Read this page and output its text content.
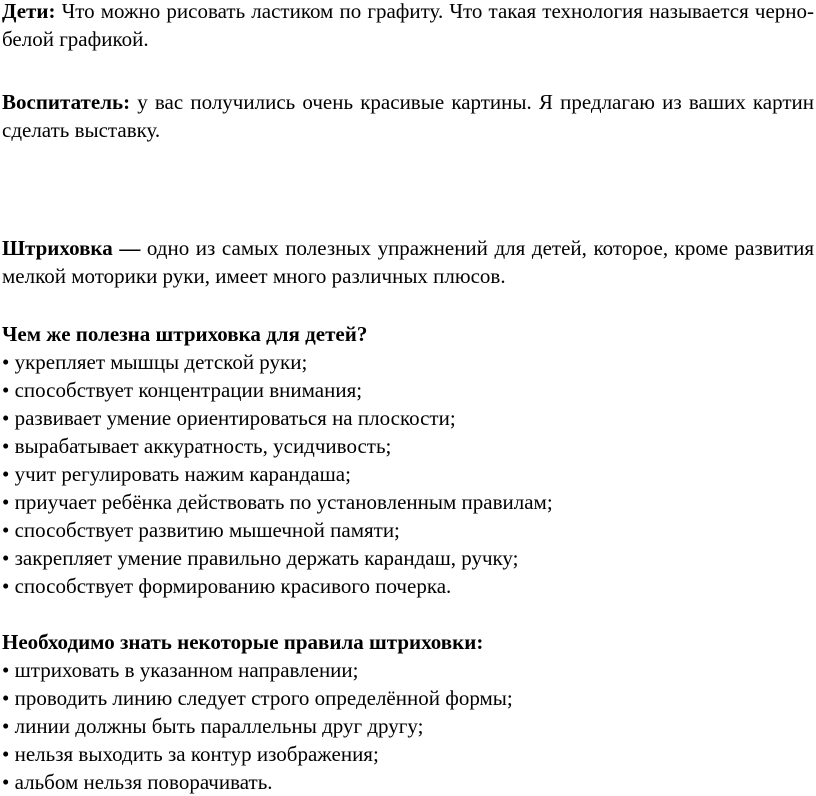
Дети: Что можно рисовать ластиком по графиту. Что такая технология называется черно-белой графикой.

Воспитатель: у вас получились очень красивые картины. Я предлагаю из ваших картин сделать выставку.

Штриховка — одно из самых полезных упражнений для детей, которое, кроме развития мелкой моторики руки, имеет много различных плюсов.

Чем же полезна штриховка для детей?

• укрепляет мышцы детской руки;
• способствует концентрации внимания;
• развивает умение ориентироваться на плоскости;
• вырабатывает аккуратность, усидчивость;
• учит регулировать нажим карандаша;
• приучает ребёнка действовать по установленным правилам;
• способствует развитию мышечной памяти;
• закрепляет умение правильно держать карандаш, ручку;
• способствует формированию красивого почерка.

Необходимо знать некоторые правила штриховки:

• штриховать в указанном направлении;
• проводить линию следует строго определённой формы;
• линии должны быть параллельны друг другу;
• нельзя выходить за контур изображения;
• альбом нельзя поворачивать.
